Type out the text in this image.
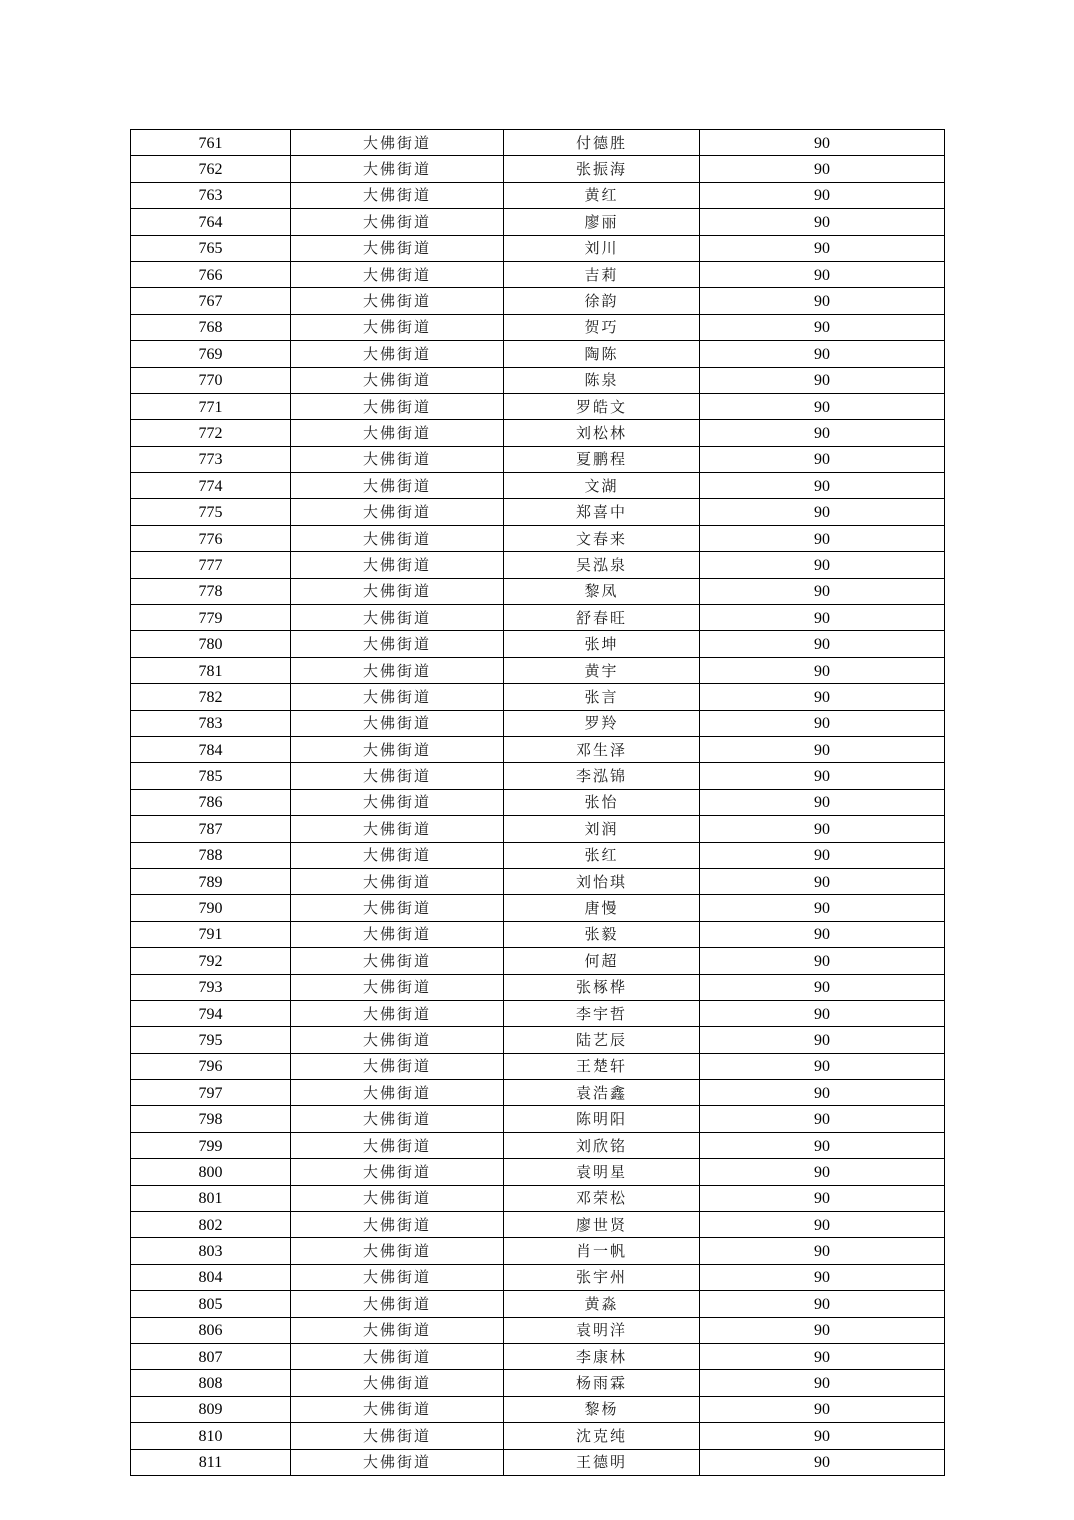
761	大佛街道	付德胜	90
762	大佛街道	张振海	90
763	大佛街道	黄红	90
764	大佛街道	廖丽	90
765	大佛街道	刘川	90
766	大佛街道	吉莉	90
767	大佛街道	徐韵	90
768	大佛街道	贺巧	90
769	大佛街道	陶陈	90
770	大佛街道	陈泉	90
771	大佛街道	罗皓文	90
772	大佛街道	刘松林	90
773	大佛街道	夏鹏程	90
774	大佛街道	文湖	90
775	大佛街道	郑喜中	90
776	大佛街道	文春来	90
777	大佛街道	吴泓泉	90
778	大佛街道	黎凤	90
779	大佛街道	舒春旺	90
780	大佛街道	张坤	90
781	大佛街道	黄宇	90
782	大佛街道	张言	90
783	大佛街道	罗羚	90
784	大佛街道	邓生泽	90
785	大佛街道	李泓锦	90
786	大佛街道	张怡	90
787	大佛街道	刘润	90
788	大佛街道	张红	90
789	大佛街道	刘怡琪	90
790	大佛街道	唐慢	90
791	大佛街道	张毅	90
792	大佛街道	何超	90
793	大佛街道	张椓桦	90
794	大佛街道	李宇哲	90
795	大佛街道	陆艺辰	90
796	大佛街道	王楚轩	90
797	大佛街道	袁浩鑫	90
798	大佛街道	陈明阳	90
799	大佛街道	刘欣铭	90
800	大佛街道	袁明星	90
801	大佛街道	邓荣松	90
802	大佛街道	廖世贤	90
803	大佛街道	肖一帆	90
804	大佛街道	张宇州	90
805	大佛街道	黄淼	90
806	大佛街道	袁明洋	90
807	大佛街道	李康林	90
808	大佛街道	杨雨霖	90
809	大佛街道	黎杨	90
810	大佛街道	沈克纯	90
811	大佛街道	王德明	90
